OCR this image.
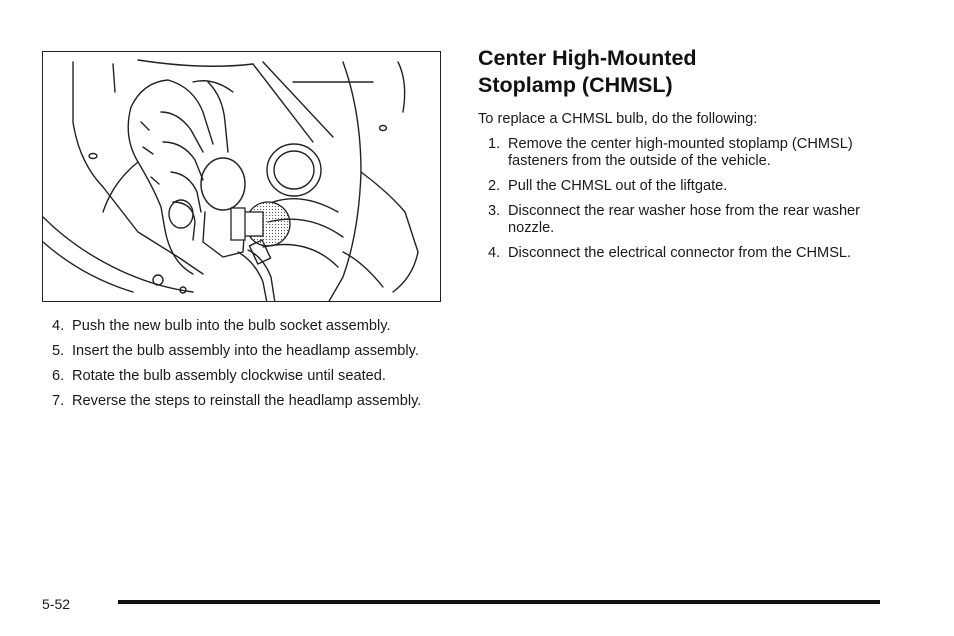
4. Push the new bulb into the bulb socket assembly.
5. Insert the bulb assembly into the headlamp assembly.
6. Rotate the bulb assembly clockwise until seated.
7. Reverse the steps to reinstall the headlamp assembly.
Center High-Mounted
Stoplamp (CHMSL)

To replace a CHMSL bulb, do the following:

1. Remove the center high-mounted stoplamp (CHMSL) fasteners from the outside of the vehicle.
2. Pull the CHMSL out of the liftgate.
3. Disconnect the rear washer hose from the rear washer nozzle.
4. Disconnect the electrical connector from the CHMSL.
5-52
